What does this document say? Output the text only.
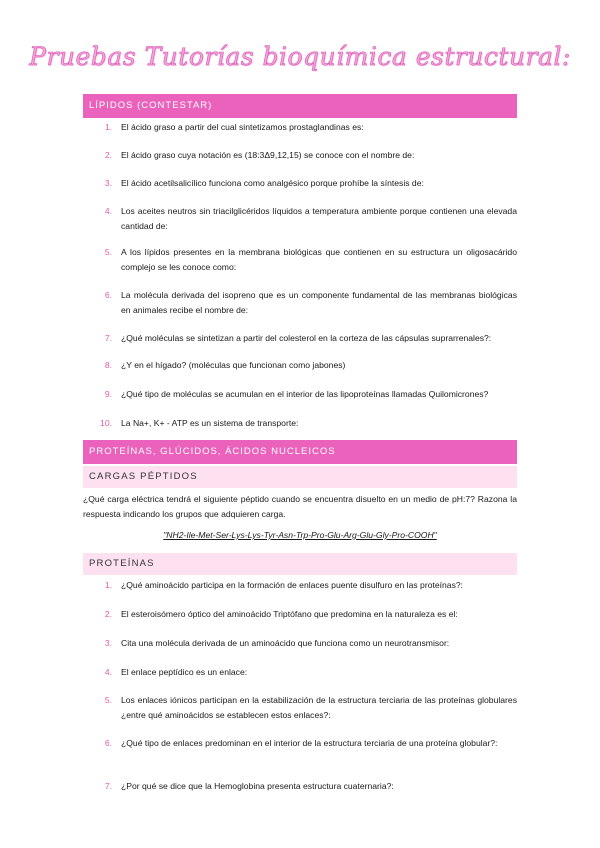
Pruebas Tutorías bioquímica estructural:
LÍPIDOS (CONTESTAR)
1.	El ácido graso a partir del cual sintetizamos prostaglandinas es:
2.	El ácido graso cuya notación es (18:3Δ9,12,15) se conoce con el nombre de:
3.	El ácido acetilsalicílico funciona como analgésico porque prohíbe la síntesis de:
4.	Los aceites neutros sin triacilglicéridos líquidos a temperatura ambiente porque contienen una elevada cantidad de:
5.	A los lípidos presentes en la membrana biológicas que contienen en su estructura un oligosacárido complejo se les conoce como:
6.	La molécula derivada del isopreno que es un componente fundamental de las membranas biológicas en animales recibe el nombre de:
7.	¿Qué moléculas se sintetizan a partir del colesterol en la corteza de las cápsulas suprarrenales?:
8.	¿Y en el hígado? (moléculas que funcionan como jabones)
9.	¿Qué tipo de moléculas se acumulan en el interior de las lipoproteínas llamadas Quilomicrones?
10.	La Na+, K+ - ATP es un sistema de transporte:
PROTEÍNAS, GLÚCIDOS, ÁCIDOS NUCLEICOS
CARGAS PÉPTIDOS
¿Qué carga eléctrica tendrá el siguiente péptido cuando se encuentra disuelto en un medio de pH:7? Razona la respuesta indicando los grupos que adquieren carga.
"NH2-Ile-Met-Ser-Lys-Lys-Tyr-Asn-Trp-Pro-Glu-Arg-Glu-Gly-Pro-COOH"
PROTEÍNAS
1.	¿Qué aminoácido participa en la formación de enlaces puente disulfuro en las proteínas?:
2.	El esteroisómero óptico del aminoácido Triptófano que predomina en la naturaleza es el:
3.	Cita una molécula derivada de un aminoácido que funciona como un neurotransmisor:
4.	El enlace peptídico es un enlace:
5.	Los enlaces iónicos participan en la estabilización de la estructura terciaria de las proteínas globulares ¿entre qué aminoácidos se establecen estos enlaces?:
6.	¿Qué tipo de enlaces predominan en el interior de la estructura terciaria de una proteína globular?:
7.	¿Por qué se dice que la Hemoglobina presenta estructura cuaternaria?:
